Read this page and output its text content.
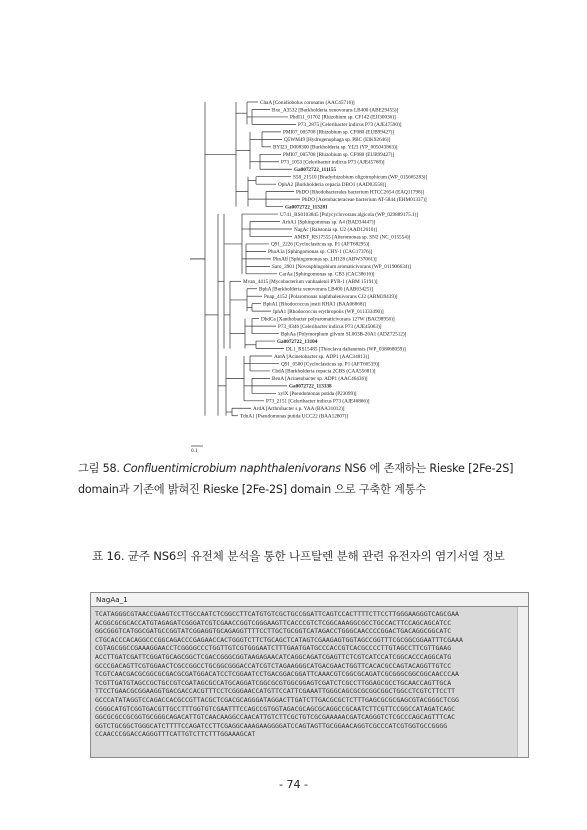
ChaA [Conidiobolus coronatus (AAC45716)]
Bxe_A3532 [Burkholderia xenovorans LB400 (ABE29455)]
PhdI11_01702 [Rhizobium sp. CF142 (EJJ30036)]
P73_2875 [Celeribacter indicus P73 (AJE47590)]
PMI07_005708 [Rhizobium sp. CF080 (EUB99427)]
Q5WM49 [Hydrogenophaga sp. PBC (EIK92646)]
BYI23_D008300 [Burkholderia sp. YI23 (YP_005043863)]
PMI07_005708 [Rhizobium sp. CF080 (EUB99427)]
P73_1053 [Celeribacter indicus P73 (AJE45768)]
Ga0072722_111155
S58_21510 [Bradyrhizobium oligotrophicum (WP_015665283)]
OphA2 [Burkholderia cepacia DBO1 (AAD03558)]
PhDO [Rhodobacterales bacterium HTCC2654 (EAQ11798)]
PhDO [Acetobacteraceae bacterium AT-5844 (EHM01337)]
Ga0072722_113281
U741_RS0103845 [Polycyclovorans algicola (WP_029889175.1)]
ArhA1 [Sphingomonas sp. A4 (BAD34447)]
NagAc [Ralstonia sp. U2 (AAD12610)]
AMBT_RS17555 [Alteromonas sp. SN2 (NC_015554)]
Q91_2226 [Cycloclasticus sp. P1 (AFT68295)]
PhnA1a [Sphingomonas sp. CHY-1 (CAG17376)]
PhnAlf [Sphingomonas sp. LH128 (ABW37061)]
Saro_3901 [Novosphingobium aromaticivorans (WP_011906634)]
CarAa [Sphingomonas sp. CB3 (CAC38616)]
Mvan_4415 [Mycobacterium vanbaalenii PYR-1 (ABM 15191)]
BphA [Burkholderia xenovorans LB400 (AAB63425)]
Pnap_4152 [Polaromonas naphthalenivorans CJ2 (ABM39439)]
BphA1 [Rhodococcus jostii RHA1 (BAA06868)]
IphA1 [Rhodococcus erythropolis (WP_011333490)]
DbdCa [Xanthobacter polyaromaticivorans 127W (BAC98956)]
P73_0346 [Celeribacter indicus P73 (AJE45063)]
BphAa [Polymorphum gilvum SL003B-26A1 (ADZ72512)]
Ga0072722_13104
DL1_RS15485 [Thioclava dalianensis (WP_038068059)]
AntA [Acinetobacter sp. ADP1 (AAC34813)]
Q91_0500 [Cycloclasticus sp. P1 (AFT66539)]
CbdA [Burkholderia cepacia 2CBS (CAA55681)]
BenA [Acinetobacter sp. ADP1 (AAC46436)]
Ga0072722_113338
xylX [Pseudomonas putida (P23099)]
P73_2151 [Celeribacter indicus P73 (AJE46866)]
ArdA [Arthrobacter s p. YAA (BAA31012)]
TdnA1 [Pseudomonas putida UCC22 (BAA12807)]
0.1
그림 58. Confluentimicrobium naphthalenivorans NS6 에 존재하는 Rieske [2Fe-2S] domain과 기존에 밝혀진 Rieske [2Fe-2S] domain 으로 구축한 계통수
표 16. 균주 NS6의 유전체 분석을 통한 나프탈렌 분해 관련 유전자의 염기서열 정보
NagAa_1
TCATAGGGCGTAACCGAAGTCCTTGCCAATCTCGGCCTTCATGTGTCGCTGCCGGATTCAGTCCACTTTTCTTCCTTGGGAAGGGTCAGCGAA
ACGGCGCGCACCATGTAGAGATCGGGATCGTCGAACCGGTCGGGAAGTTCACCCGTCTCGGCAAAGGCGCCTGCCACTTCCAGCAGCATCC
GGCGGGTCATGGCGATGCCGGTATCGGAGGTGCAGAGGTTTTCCTTGCTGCGGTCATAGACCTGGGCAACCCCGGACTGACAGGCGGCATC
CTGCACCCACAGGCCCGGCAGACCCGAGAACCACTGGGTCTTCTGCAGCTCATAGTCGAAGAGTGGTAGCCGGTTTCGCGGCGGAATTTCGAAA
CGTAGCGGCCGAAAGGAACCTCGGGGCCCTGGTTGTCGTGGGAATCTTTGAATGATGCCCACCGTCACGCCCCTTGTAGCCTTCGTTGAAG
ACCTTGATCGATTCGGATGCAGCGGCTCGACCGGGCGGTAAGAGAACATCAGGCAGATCGAGTTCTCGTCATCCATCGGCACCCAGGCATG
GCCCGACAGTTCGTGGAACTCGCCGGCCTGCGGCGGGACCATCGTCTAGAAGGGCATGACGAACTGGTTCACACGCCAGTACAGGTTGTCC
TCGTCAACGACGCGGCGCGACGCGATGGACATCCTCGGAATCCTGACGGACGGATTCAAACGTCGGCGCAGATCGCGGGCGGCGGCAACCCAA
TCGTTGATGTAGCCGCTGCCGTCGATAGCGCCATGCAGGATCGGCGCGTGGCGGAGTCGATCTCGCCTTGGAGCGCCTGCAACCAGTTGCA
TTCCTGAACGCGGAAGGTGACGACCACGTTTCCTCGGGAACCATGTTCCATTCGAAATTGGGCAGCGCGCGGCGGCTGGCCTCGTCTTCCTT
GCCCATATAGGTCCAGACCACGCCGTTACGCTCGACGCAGGGATAGGACTTGATCTTGACGCGCTCTTTGAGCGCGCGAGCGTACGGGCTCGG
CGGGCATGTCGGTGACGTTGCCTTTGGTGTCGAATTTCCAGCCGTGGTAGACGCAGCGCAGGCCGCAATCTTCGTTCCGGCCATAGATCAGC
GGCGCGCCGCGGTGCGGGCAGACATTGTCAACAAGGCCAACATTGTCTTCGCTGTCGCGAAAAACGATCAGGGTCTCGCCCAGCAGTTTCAC
GGTCTGCGGCTGGGCATCTTTTCCAGATCCTTCGAGGCAAAGAAGGGGATCCAGTAGTTGCGGAACAGGTCGCCCATCGTGGTGCCGGGG
CCAACCCGGACCAGGGTTTCATTGTCTTCTTTGGAAAGCAT
- 74 -
